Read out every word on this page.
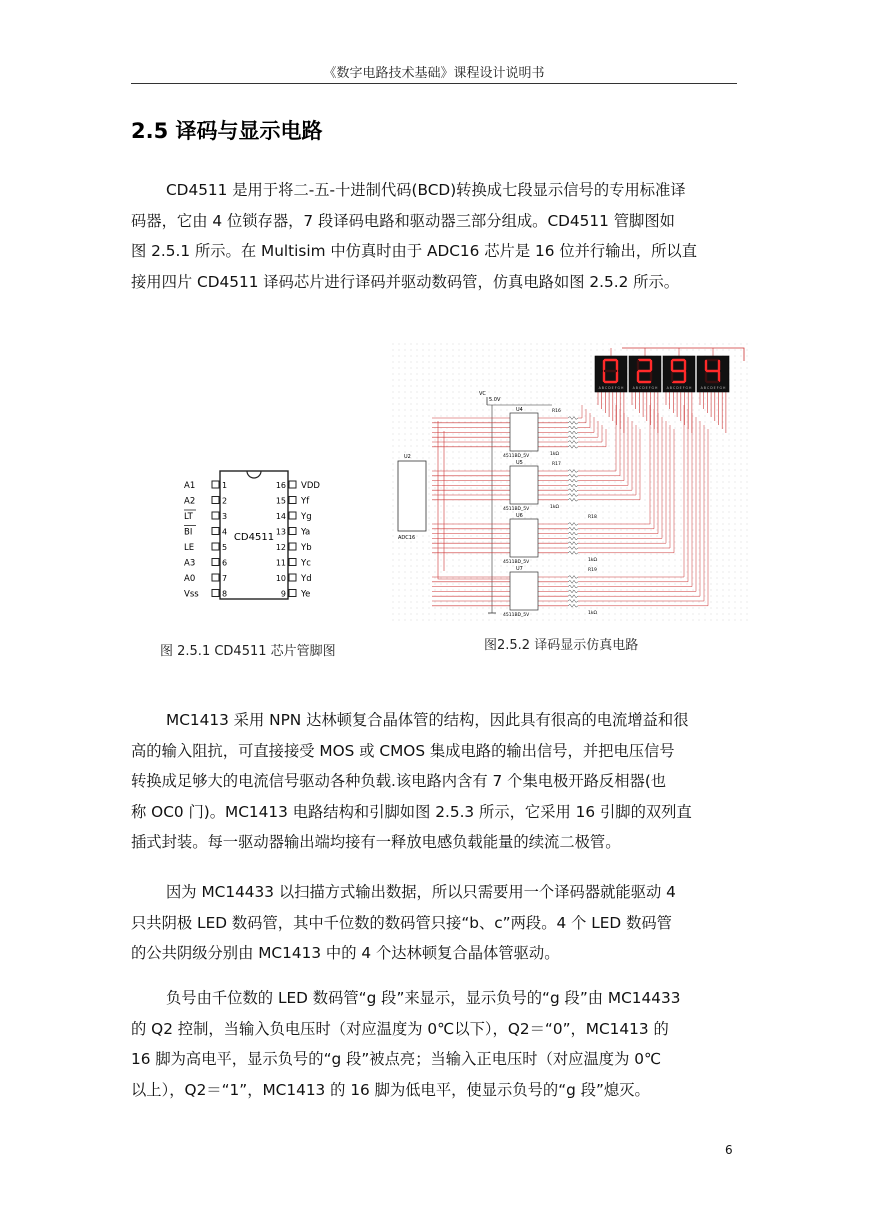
《数字电路技术基础》课程设计说明书
2.5 译码与显示电路
CD4511 是用于将二-五-十进制代码(BCD)转换成七段显示信号的专用标准译
码器，它由 4 位锁存器，7 段译码电路和驱动器三部分组成。CD4511 管脚图如
图 2.5.1 所示。在 Multisim 中仿真时由于 ADC16 芯片是 16 位并行输出，所以直
接用四片 CD4511 译码芯片进行译码并驱动数码管，仿真电路如图 2.5.2 所示。
CD4511
1
A1
2
A2
3
LT
4
BI
5
LE
6
A3
7
A0
8
Vss
16 VDD
15 Yf
14 Yg
13 Ya
12 Yb
11 Yc
10 Yd
9 Ye
图 2.5.1 CD4511 芯片管脚图
A B C D E F G H	A B C D E F G H	A B C D E F G H	A B C D E F G H
U4
4511BD_5V
R16
1kΩ
U5
4511BD_5V
R17
1kΩ
U6
4511BD_5V
R18
1kΩ
U7
4511BD_5V
R19
1kΩ
U2
ADC16
VC
5.0V
图2.5.2 译码显示仿真电路
MC1413 采用 NPN 达林顿复合晶体管的结构，因此具有很高的电流增益和很
高的输入阻抗，可直接接受 MOS 或 CMOS 集成电路的输出信号，并把电压信号
转换成足够大的电流信号驱动各种负载.该电路内含有 7 个集电极开路反相器(也
称 OC0 门)。MC1413 电路结构和引脚如图 2.5.3 所示，它采用 16 引脚的双列直
插式封装。每一驱动器输出端均接有一释放电感负载能量的续流二极管。
因为 MC14433 以扫描方式输出数据，所以只需要用一个译码器就能驱动 4
只共阴极 LED 数码管，其中千位数的数码管只接“b、c”两段。4 个 LED 数码管
的公共阴级分别由 MC1413 中的 4 个达林顿复合晶体管驱动。
负号由千位数的 LED 数码管“g 段”来显示，显示负号的“g 段”由 MC14433
的 Q2 控制，当输入负电压时（对应温度为 0℃以下），Q2＝“0”，MC1413 的
16 脚为高电平，显示负号的“g 段”被点亮；当输入正电压时（对应温度为 0℃
以上），Q2＝“1”，MC1413 的 16 脚为低电平，使显示负号的“g 段”熄灭。
6
